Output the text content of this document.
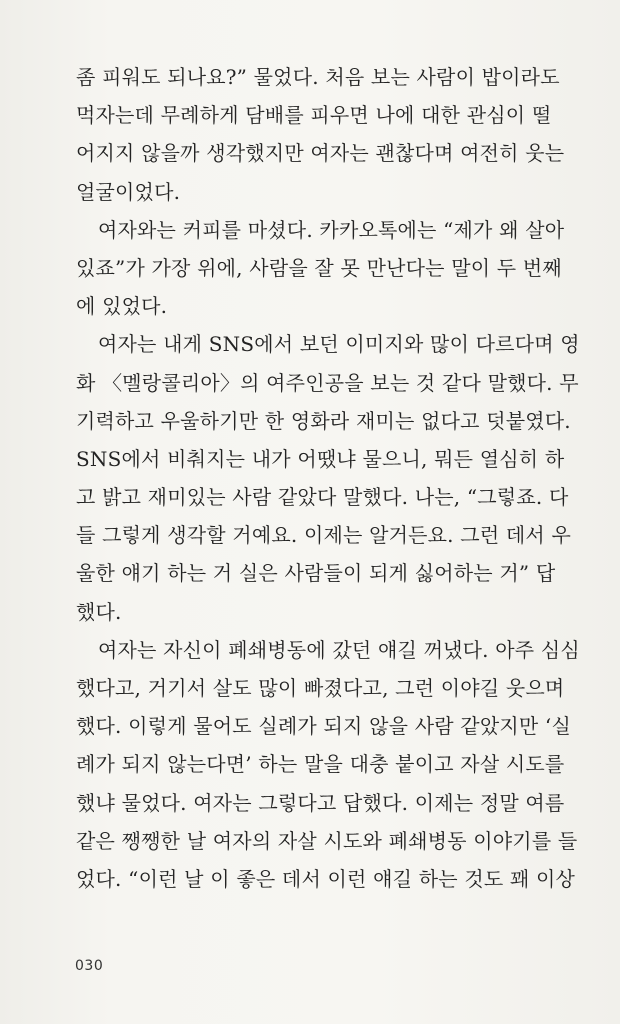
좀 피워도 되나요?” 물었다. 처음 보는 사람이 밥이라도
먹자는데 무례하게 담배를 피우면 나에 대한 관심이 떨
어지지 않을까 생각했지만 여자는 괜찮다며 여전히 웃는
얼굴이었다.
여자와는 커피를 마셨다. 카카오톡에는 “제가 왜 살아
있죠”가 가장 위에, 사람을 잘 못 만난다는 말이 두 번째
에 있었다.
여자는 내게 SNS에서 보던 이미지와 많이 다르다며 영
화 〈멜랑콜리아〉의 여주인공을 보는 것 같다 말했다. 무
기력하고 우울하기만 한 영화라 재미는 없다고 덧붙였다.
SNS에서 비춰지는 내가 어땠냐 물으니, 뭐든 열심히 하
고 밝고 재미있는 사람 같았다 말했다. 나는, “그렇죠. 다
들 그렇게 생각할 거예요. 이제는 알거든요. 그런 데서 우
울한 얘기 하는 거 실은 사람들이 되게 싫어하는 거” 답
했다.
여자는 자신이 폐쇄병동에 갔던 얘길 꺼냈다. 아주 심심
했다고, 거기서 살도 많이 빠졌다고, 그런 이야길 웃으며
했다. 이렇게 물어도 실례가 되지 않을 사람 같았지만 ‘실
례가 되지 않는다면’ 하는 말을 대충 붙이고 자살 시도를
했냐 물었다. 여자는 그렇다고 답했다. 이제는 정말 여름
같은 쨍쨍한 날 여자의 자살 시도와 폐쇄병동 이야기를 들
었다. “이런 날 이 좋은 데서 이런 얘길 하는 것도 꽤 이상
030
